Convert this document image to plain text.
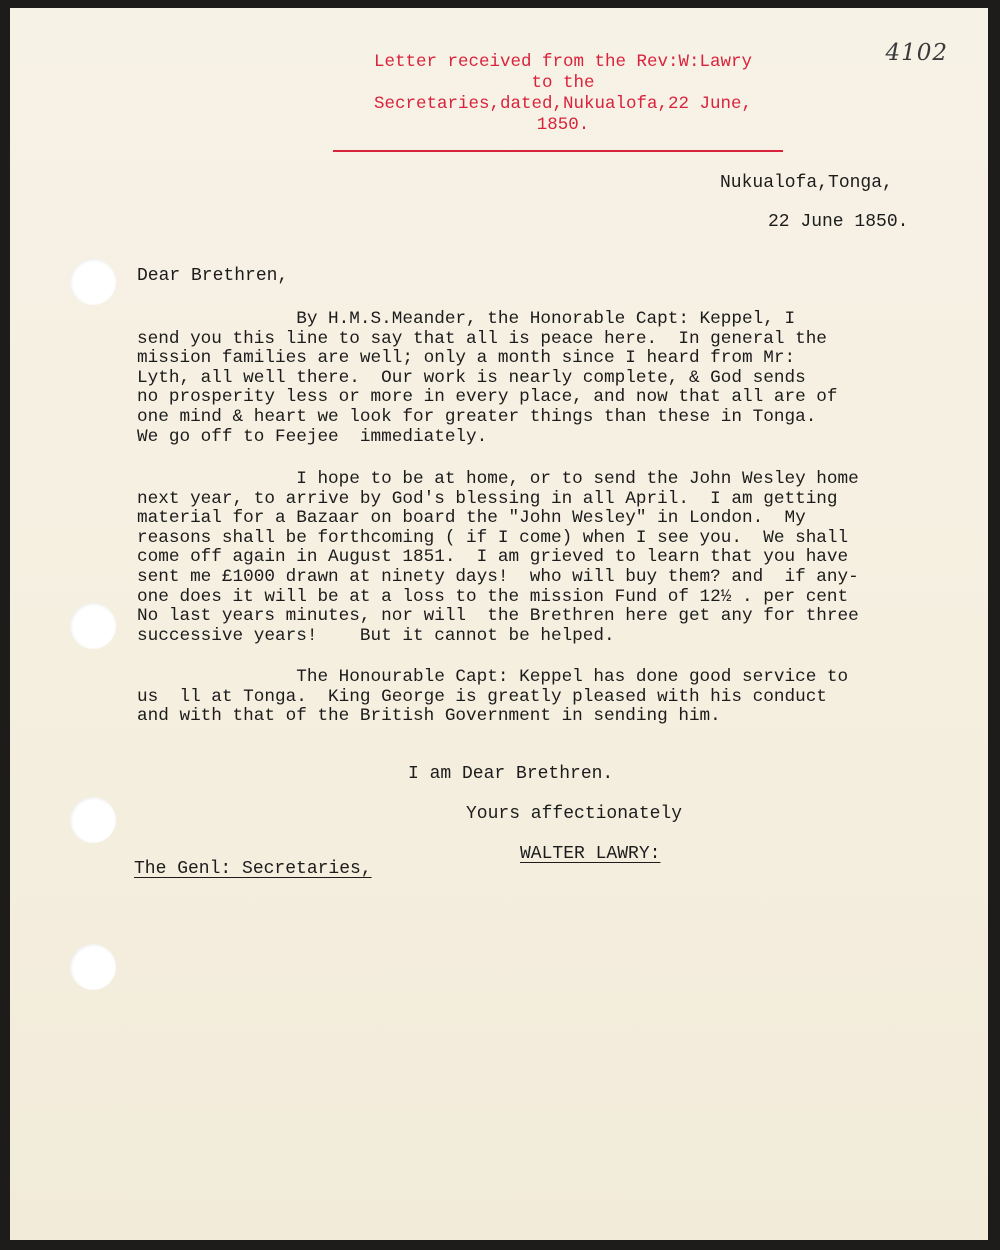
4102
Letter received from the Rev:W:Lawry
to the
Secretaries,dated,Nukualofa,22 June,
1850.
Nukualofa,Tonga,
22 June 1850.
Dear Brethren,
By H.M.S.Meander, the Honorable Capt: Keppel, I
send you this line to say that all is peace here.  In general the
mission families are well; only a month since I heard from Mr:
Lyth, all well there.  Our work is nearly complete, & God sends
no prosperity less or more in every place, and now that all are of
one mind & heart we look for greater things than these in Tonga.
We go off to Feejee  immediately.
I hope to be at home, or to send the John Wesley home
next year, to arrive by God's blessing in all April.  I am getting
material for a Bazaar on board the "John Wesley" in London.  My
reasons shall be forthcoming ( if I come) when I see you.  We shall
come off again in August 1851.  I am grieved to learn that you have
sent me £1000 drawn at ninety days!  who will buy them? and  if any-
one does it will be at a loss to the mission Fund of 12½ . per cent
No last years minutes, nor will  the Brethren here get any for three
successive years!    But it cannot be helped.
The Honourable Capt: Keppel has done good service to
us  ll at Tonga.  King George is greatly pleased with his conduct
and with that of the British Government in sending him.
I am Dear Brethren.
Yours affectionately
WALTER LAWRY:
The Genl: Secretaries,
